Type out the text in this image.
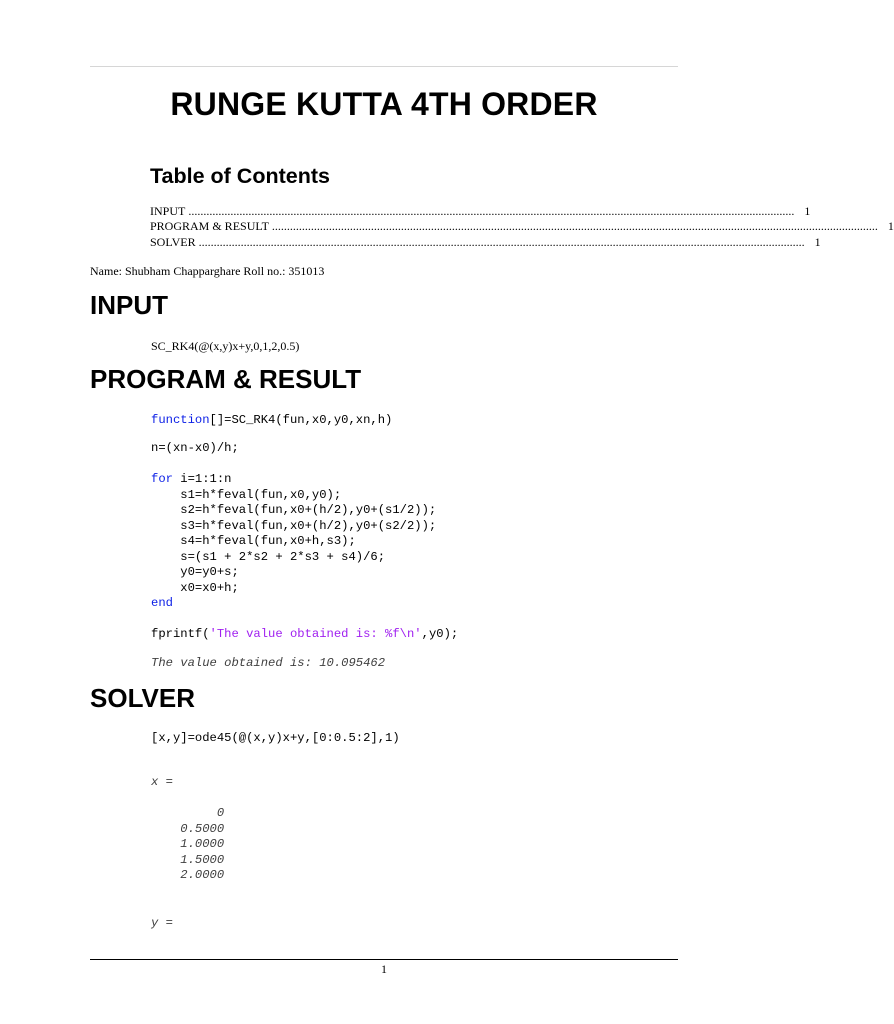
RUNGE KUTTA 4TH ORDER
Table of Contents
INPUT .......................................................................................................................................................................................................... 1
PROGRAM & RESULT .......................................................................................................................................................................................................... 1
SOLVER .......................................................................................................................................................................................................... 1
Name: Shubham Chapparghare Roll no.: 351013
INPUT
SC_RK4(@(x,y)x+y,0,1,2,0.5)
PROGRAM & RESULT
function[]=SC_RK4(fun,x0,y0,xn,h)
n=(xn-x0)/h;
for i=1:1:n
s1=h*feval(fun,x0,y0);
s2=h*feval(fun,x0+(h/2),y0+(s1/2));
s3=h*feval(fun,x0+(h/2),y0+(s2/2));
s4=h*feval(fun,x0+h,s3);
s=(s1 + 2*s2 + 2*s3 + s4)/6;
y0=y0+s;
x0=x0+h;
end
fprintf('The value obtained is: %f\n',y0);
The value obtained is: 10.095462
SOLVER
[x,y]=ode45(@(x,y)x+y,[0:0.5:2],1)
x =
0
0.5000
1.0000
1.5000
2.0000
y =
1
